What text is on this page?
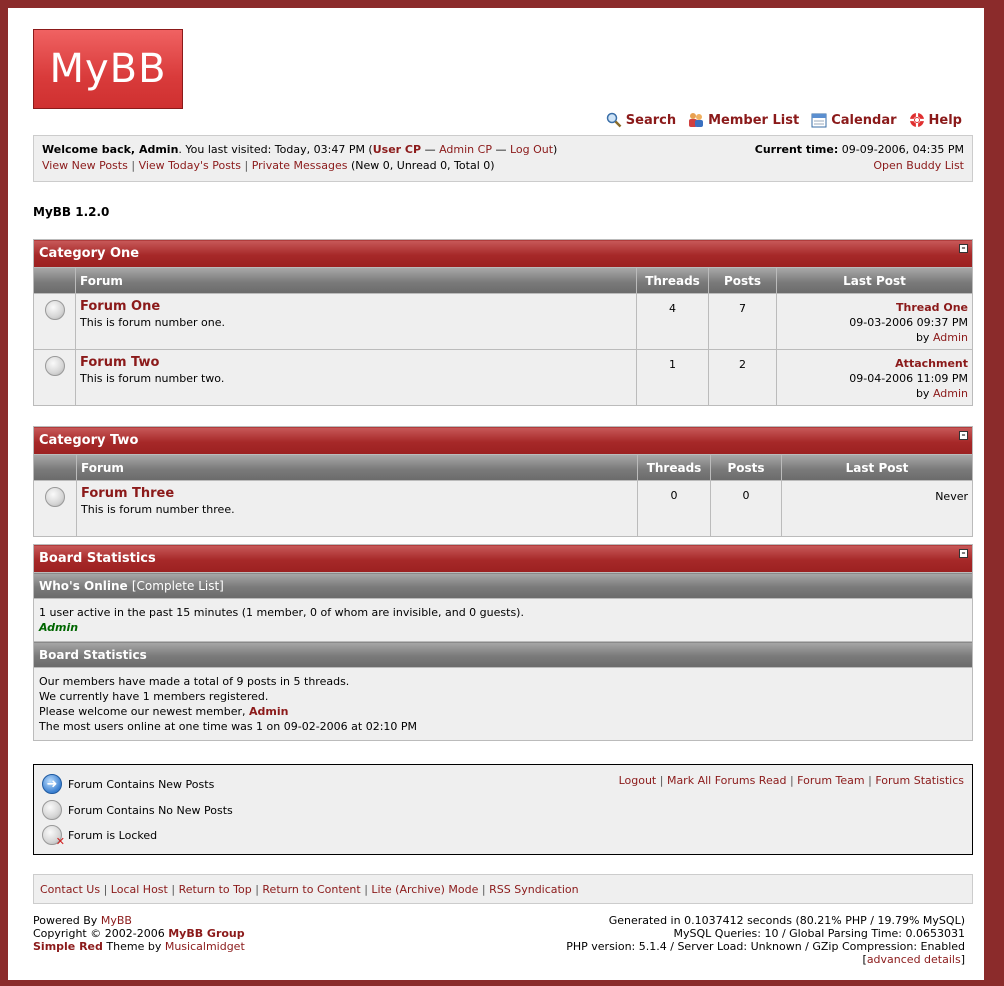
MyBB
Search Member List Calendar Help
Welcome back, Admin. You last visited: Today, 03:47 PM (User CP — Admin CP — Log Out)
View New Posts | View Today's Posts | Private Messages (New 0, Unread 0, Total 0)
Current time: 09-09-2006, 04:35 PM
Open Buddy List
MyBB 1.2.0
Category One –				

	Forum	Threads	Posts	Last Post

	Forum One
This is forum number one.	4	7	Thread One
09-03-2006 09:37 PM
by Admin

	Forum Two
This is forum number two.	1	2	Attachment
09-04-2006 11:09 PM
by Admin
Category Two –				

	Forum	Threads	Posts	Last Post

	Forum Three
This is forum number three.	0	0	Never
Board Statistics	–

Who's Online [Complete List]
1 user active in the past 15 minutes (1 member, 0 of whom are invisible, and 0 guests).
Admin
Board Statistics
Our members have made a total of 9 posts in 5 threads.
We currently have 1 members registered.
Please welcome our newest member, Admin
The most users online at one time was 1 on 09-02-2006 at 02:10 PM
➜ Forum Contains New Posts
Forum Contains No New Posts
✕
Forum is Locked
Logout | Mark All Forums Read | Forum Team | Forum Statistics
Contact Us | Local Host | Return to Top | Return to Content | Lite (Archive) Mode | RSS Syndication
Powered By MyBB
Copyright © 2002-2006 MyBB Group
Simple Red Theme by Musicalmidget
Generated in 0.1037412 seconds (80.21% PHP / 19.79% MySQL)
MySQL Queries: 10 / Global Parsing Time: 0.0653031
PHP version: 5.1.4 / Server Load: Unknown / GZip Compression: Enabled
[advanced details]
